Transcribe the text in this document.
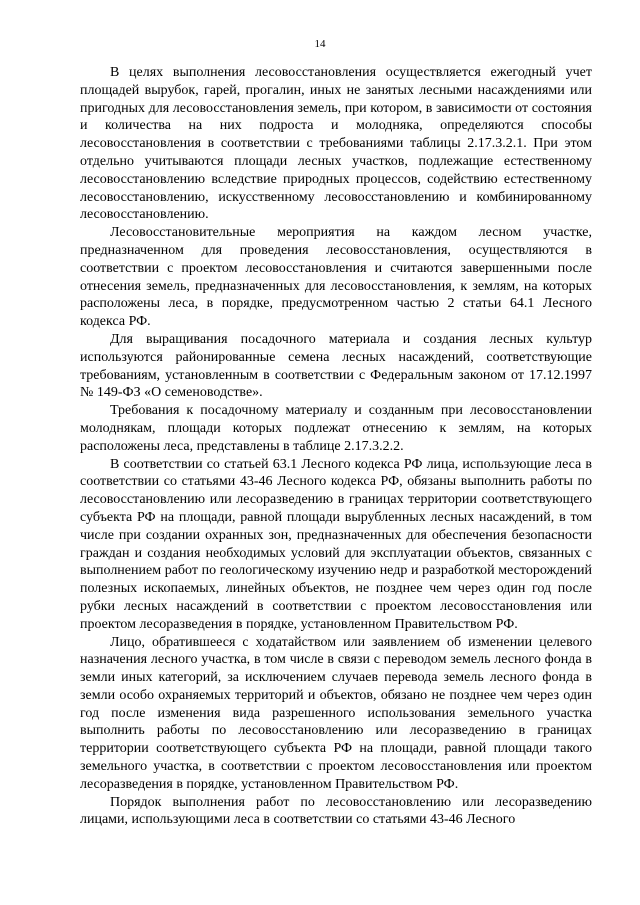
14

В целях выполнения лесовосстановления осуществляется ежегодный учет площадей вырубок, гарей, прогалин, иных не занятых лесными насаждениями или пригодных для лесовосстановления земель, при котором, в зависимости от состояния и количества на них подроста и молодняка, определяются способы лесовосстановления в соответствии с требованиями таблицы 2.17.3.2.1. При этом отдельно учитываются площади лесных участков, подлежащие естественному лесовосстановлению вследствие природных процессов, содействию естественному лесовосстановлению, искусственному лесовосстановлению и комбинированному лесовосстановлению.

Лесовосстановительные мероприятия на каждом лесном участке, предназначенном для проведения лесовосстановления, осуществляются в соответствии с проектом лесовосстановления и считаются завершенными после отнесения земель, предназначенных для лесовосстановления, к землям, на которых расположены леса, в порядке, предусмотренном частью 2 статьи 64.1 Лесного кодекса РФ.

Для выращивания посадочного материала и создания лесных культур используются районированные семена лесных насаждений, соответствующие требованиям, установленным в соответствии с Федеральным законом от 17.12.1997 № 149-ФЗ «О семеноводстве».

Требования к посадочному материалу и созданным при лесовосстановлении молоднякам, площади которых подлежат отнесению к землям, на которых расположены леса, представлены в таблице 2.17.3.2.2.

В соответствии со статьей 63.1 Лесного кодекса РФ лица, использующие леса в соответствии со статьями 43-46 Лесного кодекса РФ, обязаны выполнить работы по лесовосстановлению или лесоразведению в границах территории соответствующего субъекта РФ на площади, равной площади вырубленных лесных насаждений, в том числе при создании охранных зон, предназначенных для обеспечения безопасности граждан и создания необходимых условий для эксплуатации объектов, связанных с выполнением работ по геологическому изучению недр и разработкой месторождений полезных ископаемых, линейных объектов, не позднее чем через один год после рубки лесных насаждений в соответствии с проектом лесовосстановления или проектом лесоразведения в порядке, установленном Правительством РФ.

Лицо, обратившееся с ходатайством или заявлением об изменении целевого назначения лесного участка, в том числе в связи с переводом земель лесного фонда в земли иных категорий, за исключением случаев перевода земель лесного фонда в земли особо охраняемых территорий и объектов, обязано не позднее чем через один год после изменения вида разрешенного использования земельного участка выполнить работы по лесовосстановлению или лесоразведению в границах территории соответствующего субъекта РФ на площади, равной площади такого земельного участка, в соответствии с проектом лесовосстановления или проектом лесоразведения в порядке, установленном Правительством РФ.

Порядок выполнения работ по лесовосстановлению или лесоразведению лицами, использующими леса в соответствии со статьями 43-46 Лесного
